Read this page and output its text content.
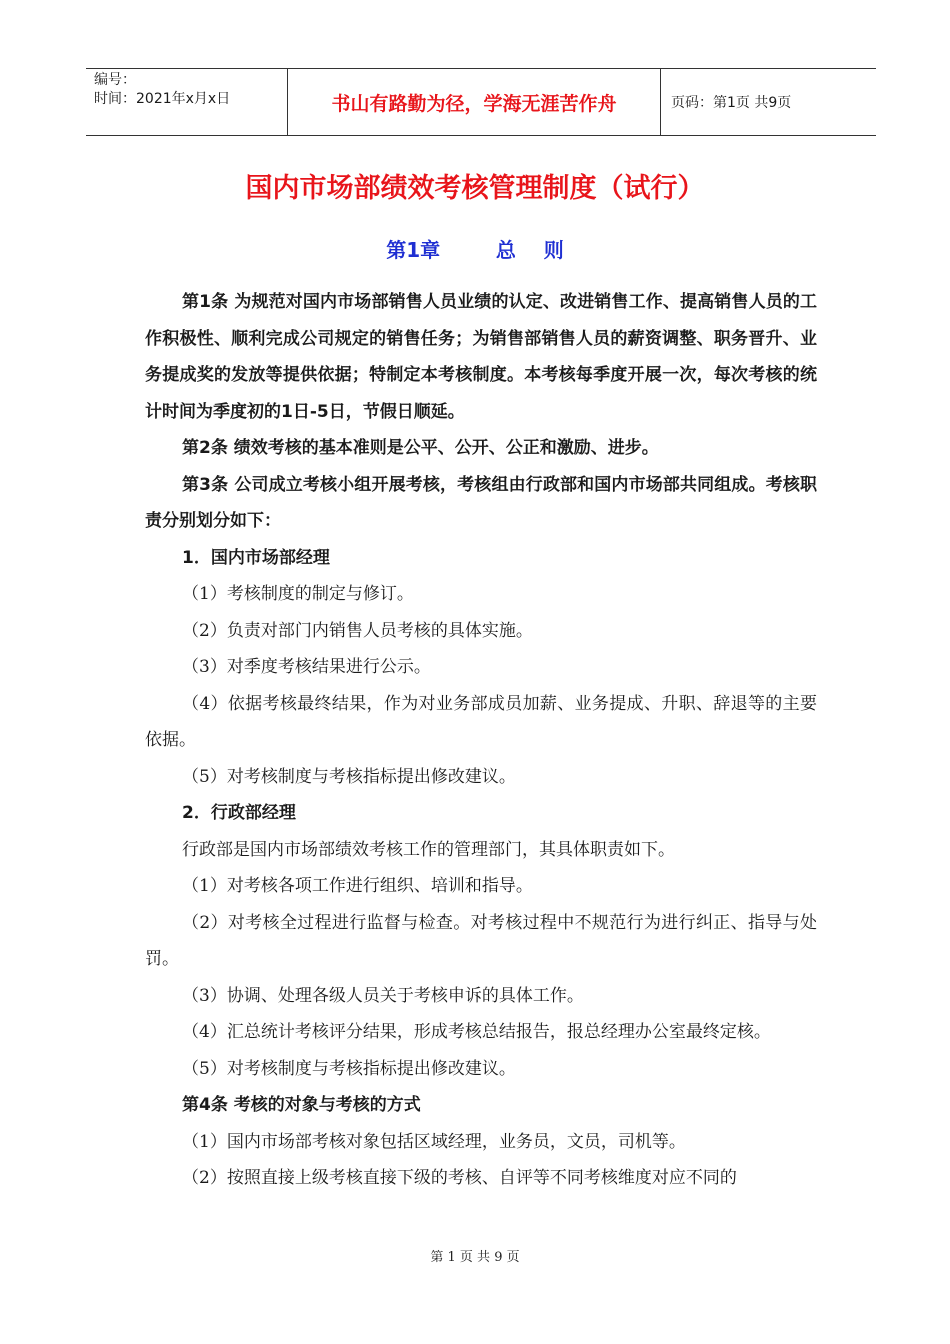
编号：
时间：2021年x月x日	书山有路勤为径，学海无涯苦作舟	页码：第1页 共9页
国内市场部绩效考核管理制度（试行）
第1章        总    则

第1条 为规范对国内市场部销售人员业绩的认定、改进销售工作、提高销售人员的工作积极性、顺利完成公司规定的销售任务；为销售部销售人员的薪资调整、职务晋升、业务提成奖的发放等提供依据；特制定本考核制度。本考核每季度开展一次，每次考核的统计时间为季度初的1日-5日，节假日顺延。

第2条 绩效考核的基本准则是公平、公开、公正和激励、进步。

第3条 公司成立考核小组开展考核，考核组由行政部和国内市场部共同组成。考核职责分别划分如下：

1．国内市场部经理

（1）考核制度的制定与修订。

（2）负责对部门内销售人员考核的具体实施。

（3）对季度考核结果进行公示。

（4）依据考核最终结果，作为对业务部成员加薪、业务提成、升职、辞退等的主要依据。

（5）对考核制度与考核指标提出修改建议。

2．行政部经理

行政部是国内市场部绩效考核工作的管理部门，其具体职责如下。

（1）对考核各项工作进行组织、培训和指导。

（2）对考核全过程进行监督与检查。对考核过程中不规范行为进行纠正、指导与处罚。

（3）协调、处理各级人员关于考核申诉的具体工作。

（4）汇总统计考核评分结果，形成考核总结报告，报总经理办公室最终定核。

（5）对考核制度与考核指标提出修改建议。

第4条 考核的对象与考核的方式

（1）国内市场部考核对象包括区域经理，业务员，文员，司机等。

（2）按照直接上级考核直接下级的考核、自评等不同考核维度对应不同的

第 1 页 共 9 页
